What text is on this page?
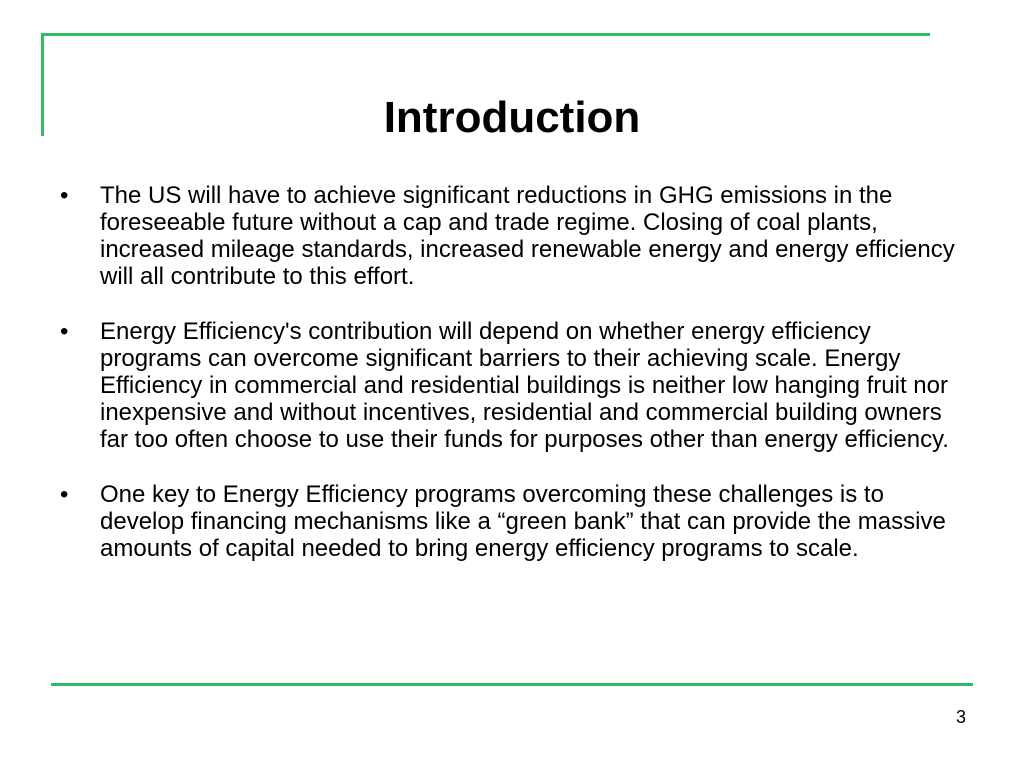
Introduction
•	The US will have to achieve significant reductions in GHG emissions in the foreseeable future without a cap and trade regime. Closing of coal plants, increased mileage standards, increased renewable energy and energy efficiency will all contribute to this effort.
•	Energy Efficiency's contribution will depend on whether energy efficiency programs can overcome significant barriers to their achieving scale. Energy Efficiency in commercial and residential buildings is neither low hanging fruit nor inexpensive and without incentives, residential and commercial building owners far too often choose to use their funds for purposes other than energy efficiency.
•	One key to Energy Efficiency programs overcoming these challenges is to develop financing mechanisms like a “green bank” that can provide the massive amounts of capital needed to bring energy efficiency programs to scale.
3
